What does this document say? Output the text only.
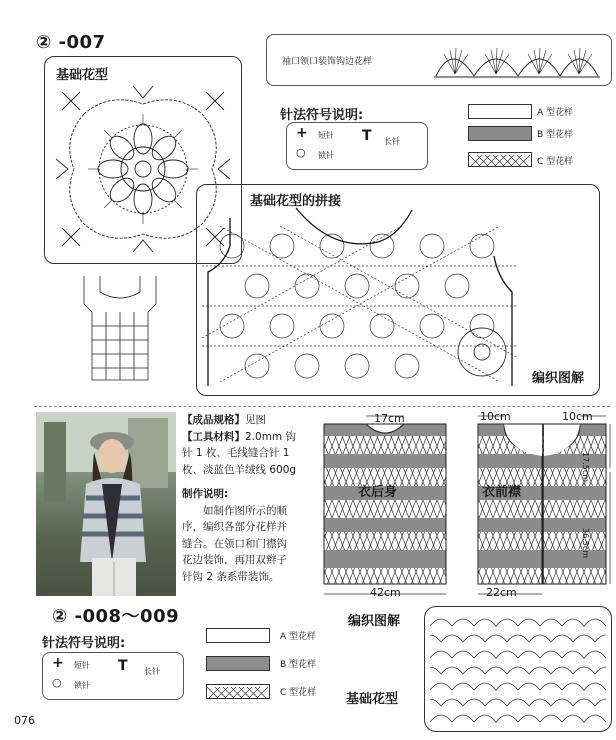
② -007
基础花型
袖口领口装饰钩边花样
针法符号说明:
+ 短针 T 长针
○ 锁针
A 型花样
B 型花样
C 型花样
基础花型的拼接
编织图解
【成品规格】见图
【工具材料】2.0mm 钩
针 1 枚、毛线缝合针 1
枚、淡蓝色羊绒线 600g
制作说明:
如制作图所示的顺
序，编织各部分花样并
缝合。在领口和门襟钩
花边装饰，再用双辫子
针钩 2 条系带装饰。
17cm	10cm	10cm
衣后身	衣前襟
42cm	22cm
17.5cm
36.5cm
② -008～009	编织图解
针法符号说明:
+ 短针 T 长针
○ 锁针
A 型花样
B 型花样
C 型花样 基础花型
076
